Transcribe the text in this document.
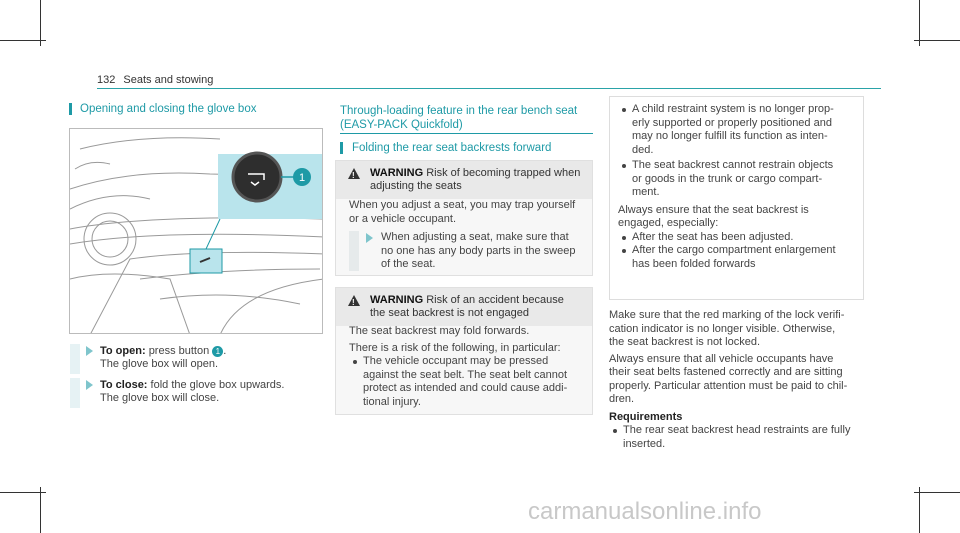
132 Seats and stowing
Opening and closing the glove box
1
To open: press button 1 .
The glove box will open.
To close: fold the glove box upwards.
The glove box will close.
Through-loading feature in the rear bench seat
(EASY-PACK Quickfold)
Folding the rear seat backrests forward
!
WARNING Risk of becoming trapped when
adjusting the seats
When you adjust a seat, you may trap yourself
or a vehicle occupant.
When adjusting a seat, make sure that
no one has any body parts in the sweep
of the seat.
!
WARNING Risk of an accident because
the seat backrest is not engaged
The seat backrest may fold forwards.
There is a risk of the following, in particular:
The vehicle occupant may be pressed
against the seat belt. The seat belt cannot
protect as intended and could cause addi-
tional injury.
A child restraint system is no longer prop-
erly supported or properly positioned and
may no longer fulfill its function as inten-
ded.
The seat backrest cannot restrain objects
or goods in the trunk or cargo compart-
ment.
Always ensure that the seat backrest is
engaged, especially:
After the seat has been adjusted.
After the cargo compartment enlargement
has been folded forwards
Make sure that the red marking of the lock verifi-
cation indicator is no longer visible. Otherwise,
the seat backrest is not locked.
Always ensure that all vehicle occupants have
their seat belts fastened correctly and are sitting
properly. Particular attention must be paid to chil-
dren.
Requirements
The rear seat backrest head restraints are fully
inserted.
carmanualsonline.info
